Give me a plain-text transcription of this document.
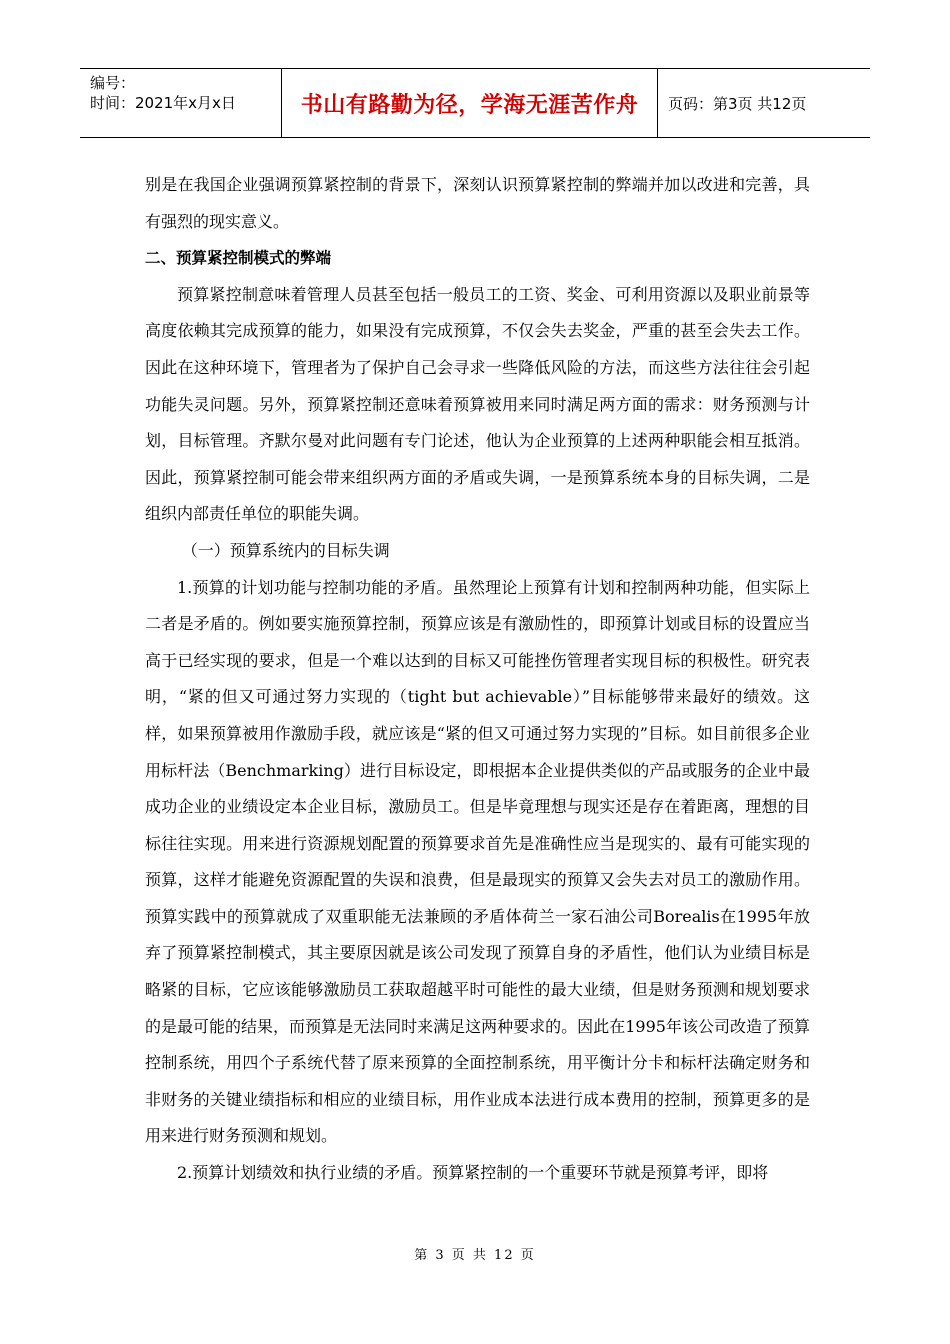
编号：
时间：2021年x月x日	书山有路勤为径，学海无涯苦作舟	页码：第3页 共12页

别是在我国企业强调预算紧控制的背景下，深刻认识预算紧控制的弊端并加以改进和完善，具有强烈的现实意义。

二、预算紧控制模式的弊端

预算紧控制意味着管理人员甚至包括一般员工的工资、奖金、可利用资源以及职业前景等高度依赖其完成预算的能力，如果没有完成预算，不仅会失去奖金，严重的甚至会失去工作。因此在这种环境下，管理者为了保护自己会寻求一些降低风险的方法，而这些方法往往会引起功能失灵问题。另外，预算紧控制还意味着预算被用来同时满足两方面的需求：财务预测与计划，目标管理。齐默尔曼对此问题有专门论述，他认为企业预算的上述两种职能会相互抵消。因此，预算紧控制可能会带来组织两方面的矛盾或失调，一是预算系统本身的目标失调，二是组织内部责任单位的职能失调。

（一）预算系统内的目标失调

1.预算的计划功能与控制功能的矛盾。虽然理论上预算有计划和控制两种功能，但实际上二者是矛盾的。例如要实施预算控制，预算应该是有激励性的，即预算计划或目标的设置应当高于已经实现的要求，但是一个难以达到的目标又可能挫伤管理者实现目标的积极性。研究表明，“紧的但又可通过努力实现的（tight but achievable）”目标能够带来最好的绩效。这样，如果预算被用作激励手段，就应该是“紧的但又可通过努力实现的”目标。如目前很多企业用标杆法（Benchmarking）进行目标设定，即根据本企业提供类似的产品或服务的企业中最成功企业的业绩设定本企业目标，激励员工。但是毕竟理想与现实还是存在着距离，理想的目标往往实现。用来进行资源规划配置的预算要求首先是准确性应当是现实的、最有可能实现的预算，这样才能避免资源配置的失误和浪费，但是最现实的预算又会失去对员工的激励作用。预算实践中的预算就成了双重职能无法兼顾的矛盾体荷兰一家石油公司Borealis在1995年放弃了预算紧控制模式，其主要原因就是该公司发现了预算自身的矛盾性，他们认为业绩目标是略紧的目标，它应该能够激励员工获取超越平时可能性的最大业绩，但是财务预测和规划要求的是最可能的结果，而预算是无法同时来满足这两种要求的。因此在1995年该公司改造了预算控制系统，用四个子系统代替了原来预算的全面控制系统，用平衡计分卡和标杆法确定财务和非财务的关键业绩指标和相应的业绩目标，用作业成本法进行成本费用的控制，预算更多的是用来进行财务预测和规划。

2.预算计划绩效和执行业绩的矛盾。预算紧控制的一个重要环节就是预算考评，即将

第 3 页 共 12 页
